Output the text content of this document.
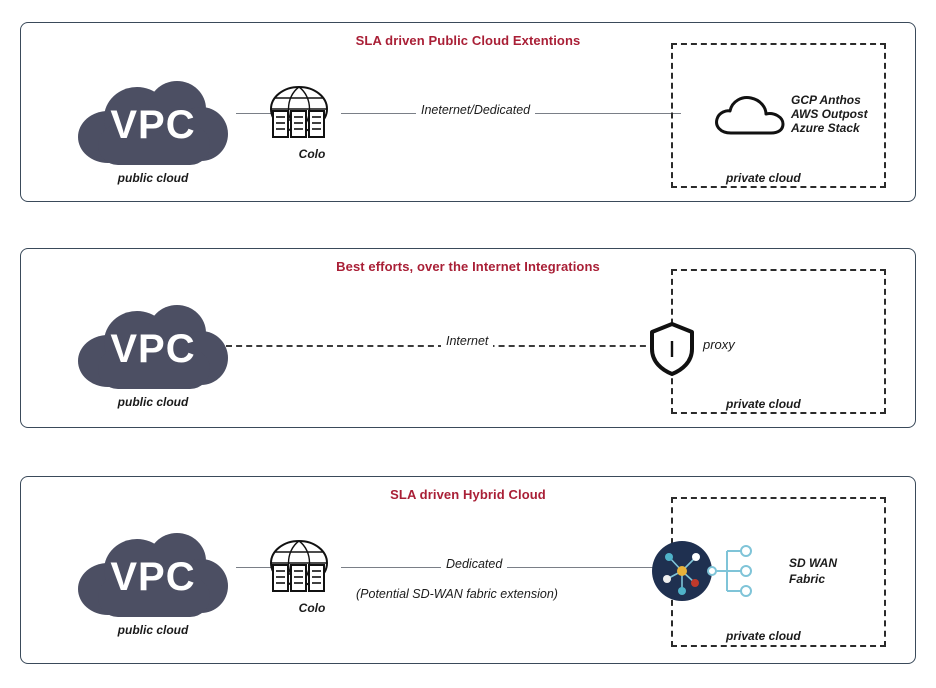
SLA driven Public Cloud Extentions
VPC
public cloud
Colo
Ineternet/Dedicated
private cloud
GCP Anthos
AWS Outpost
Azure Stack
Best efforts, over the Internet Integrations
VPC
public cloud
Internet
private cloud
proxy
SLA driven Hybrid Cloud
VPC
public cloud
Colo
Dedicated
(Potential SD-WAN fabric extension)
private cloud
SD WAN
Fabric
